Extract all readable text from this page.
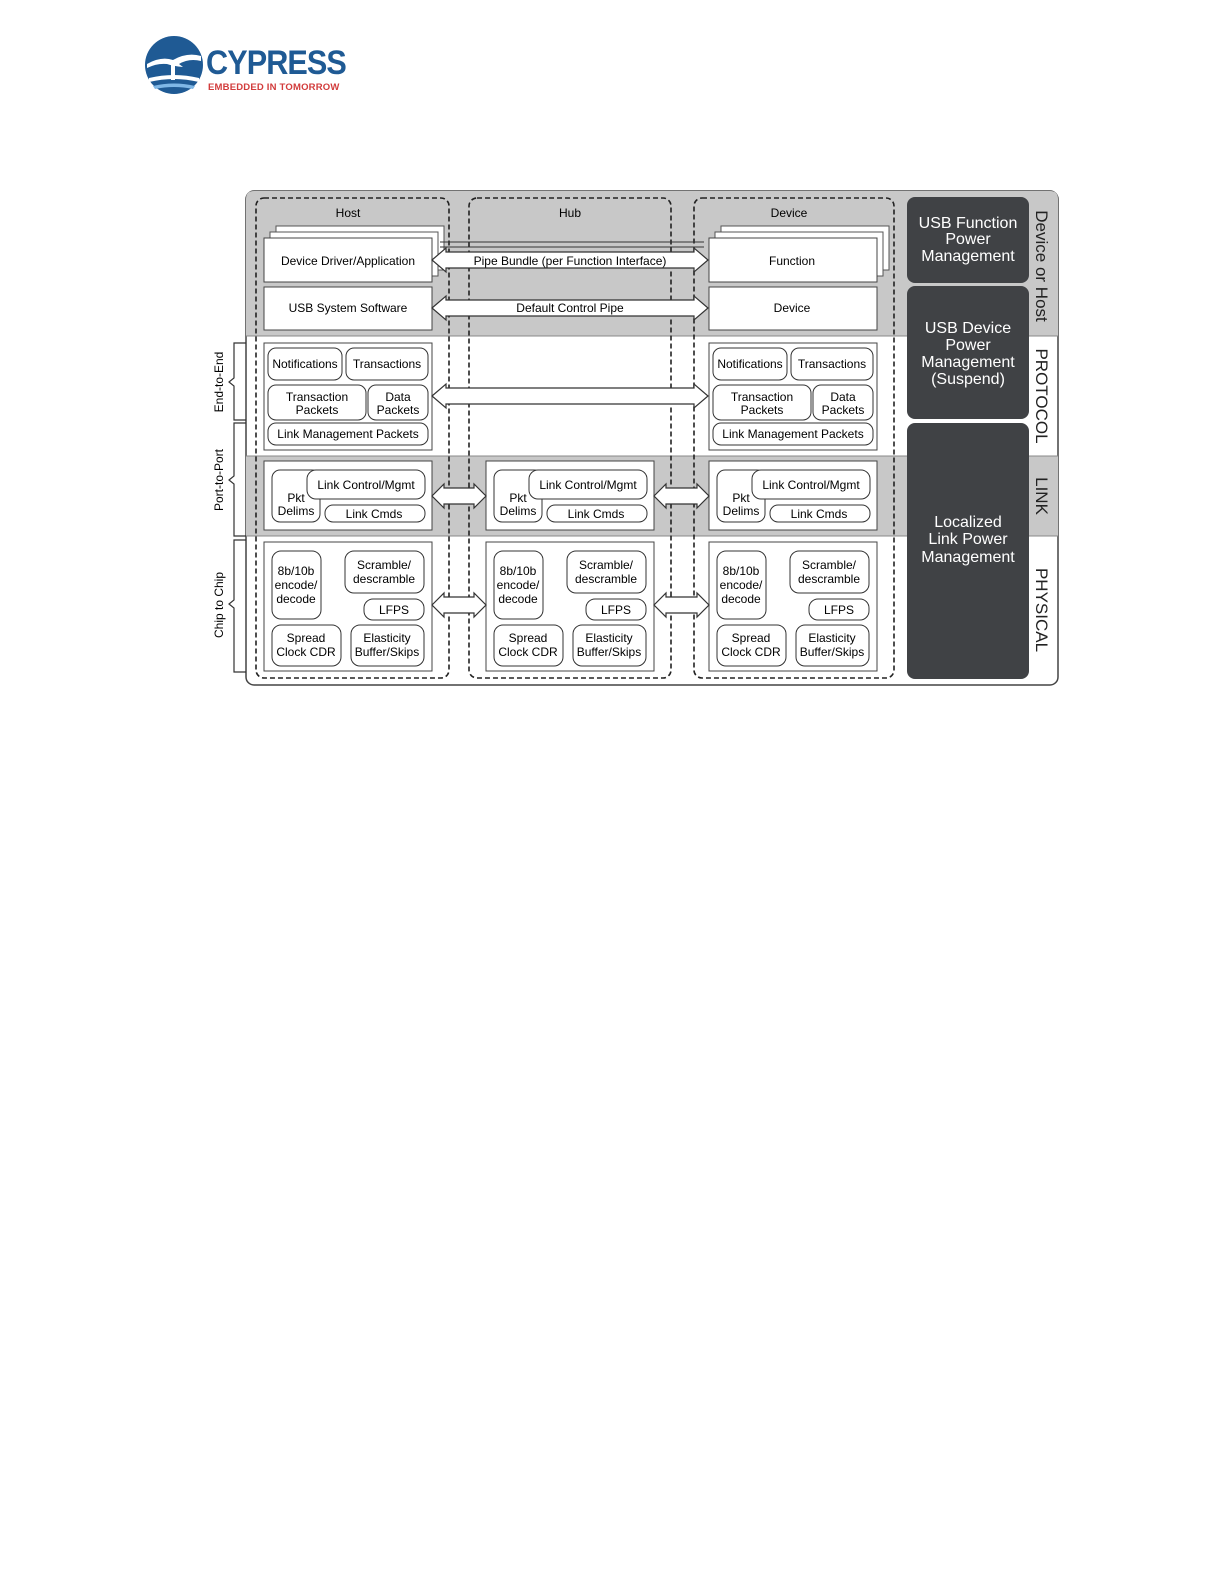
CYPRESS
EMBEDDED IN TOMORROW
Host	Hub	Device
Device Driver/Application
USB System Software
Function
Device
Pipe Bundle (per Function Interface)
Default Control Pipe
Notifications Transactions
Transaction
Packets
Data
Packets
Link Management Packets
Notifications Transactions
Transaction
Packets
Data
Packets
Link Management Packets
Pkt
Delims
Link Control/Mgmt
Link Cmds
Pkt
Delims
Link Control/Mgmt
Link Cmds
Pkt
Delims
Link Control/Mgmt
Link Cmds
8b/10b
encode/
decode
Scramble/
descramble
LFPS
Spread
Clock CDR
Elasticity
Buffer/Skips
8b/10b
encode/
decode
Scramble/
descramble
LFPS
Spread
Clock CDR
Elasticity
Buffer/Skips
8b/10b
encode/
decode
Scramble/
descramble
LFPS
Spread
Clock CDR
Elasticity
Buffer/Skips
USB Function
Power
Management
USB Device
Power
Management
(Suspend)
Localized
Link Power
Management
Device or Host
PROTOCOL
LINK
PHYSICAL
End-to-End
Port-to-Port
Chip to Chip
